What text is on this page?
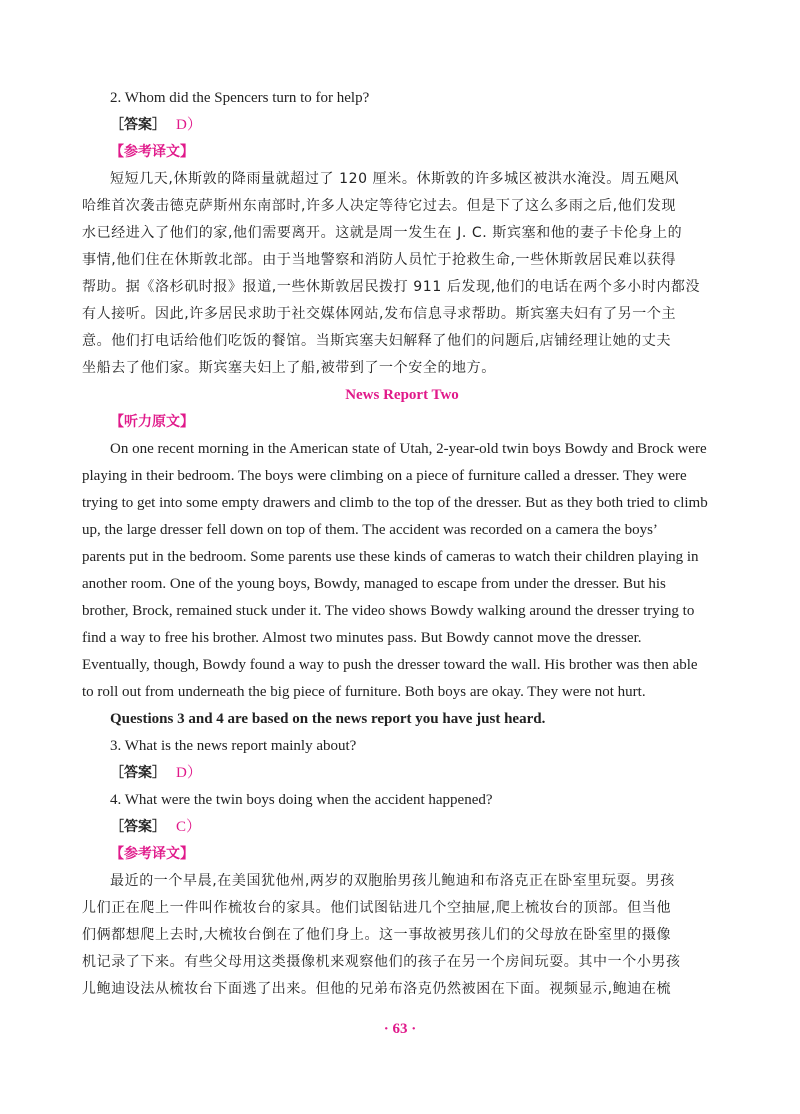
2. Whom did the Spencers turn to for help?
［答案］ D）
【参考译文】
短短几天,休斯敦的降雨量就超过了 120 厘米。休斯敦的许多城区被洪水淹没。周五飓风
哈维首次袭击德克萨斯州东南部时,许多人决定等待它过去。但是下了这么多雨之后,他们发现
水已经进入了他们的家,他们需要离开。这就是周一发生在 J. C. 斯宾塞和他的妻子卡伦身上的
事情,他们住在休斯敦北部。由于当地警察和消防人员忙于抢救生命,一些休斯敦居民难以获得
帮助。据《洛杉矶时报》报道,一些休斯敦居民拨打 911 后发现,他们的电话在两个多小时内都没
有人接听。因此,许多居民求助于社交媒体网站,发布信息寻求帮助。斯宾塞夫妇有了另一个主
意。他们打电话给他们吃饭的餐馆。当斯宾塞夫妇解释了他们的问题后,店铺经理让她的丈夫
坐船去了他们家。斯宾塞夫妇上了船,被带到了一个安全的地方。
News Report Two
【听力原文】
On one recent morning in the American state of Utah, 2-year-old twin boys Bowdy and Brock were
playing in their bedroom. The boys were climbing on a piece of furniture called a dresser. They were
trying to get into some empty drawers and climb to the top of the dresser. But as they both tried to climb
up, the large dresser fell down on top of them. The accident was recorded on a camera the boys’
parents put in the bedroom. Some parents use these kinds of cameras to watch their children playing in
another room. One of the young boys, Bowdy, managed to escape from under the dresser. But his
brother, Brock, remained stuck under it. The video shows Bowdy walking around the dresser trying to
find a way to free his brother. Almost two minutes pass. But Bowdy cannot move the dresser.
Eventually, though, Bowdy found a way to push the dresser toward the wall. His brother was then able
to roll out from underneath the big piece of furniture. Both boys are okay. They were not hurt.
Questions 3 and 4 are based on the news report you have just heard.
3. What is the news report mainly about?
［答案］ D）
4. What were the twin boys doing when the accident happened?
［答案］ C）
【参考译文】
最近的一个早晨,在美国犹他州,两岁的双胞胎男孩儿鲍迪和布洛克正在卧室里玩耍。男孩
儿们正在爬上一件叫作梳妆台的家具。他们试图钻进几个空抽屉,爬上梳妆台的顶部。但当他
们俩都想爬上去时,大梳妆台倒在了他们身上。这一事故被男孩儿们的父母放在卧室里的摄像
机记录了下来。有些父母用这类摄像机来观察他们的孩子在另一个房间玩耍。其中一个小男孩
儿鲍迪设法从梳妆台下面逃了出来。但他的兄弟布洛克仍然被困在下面。视频显示,鲍迪在梳
· 63 ·
